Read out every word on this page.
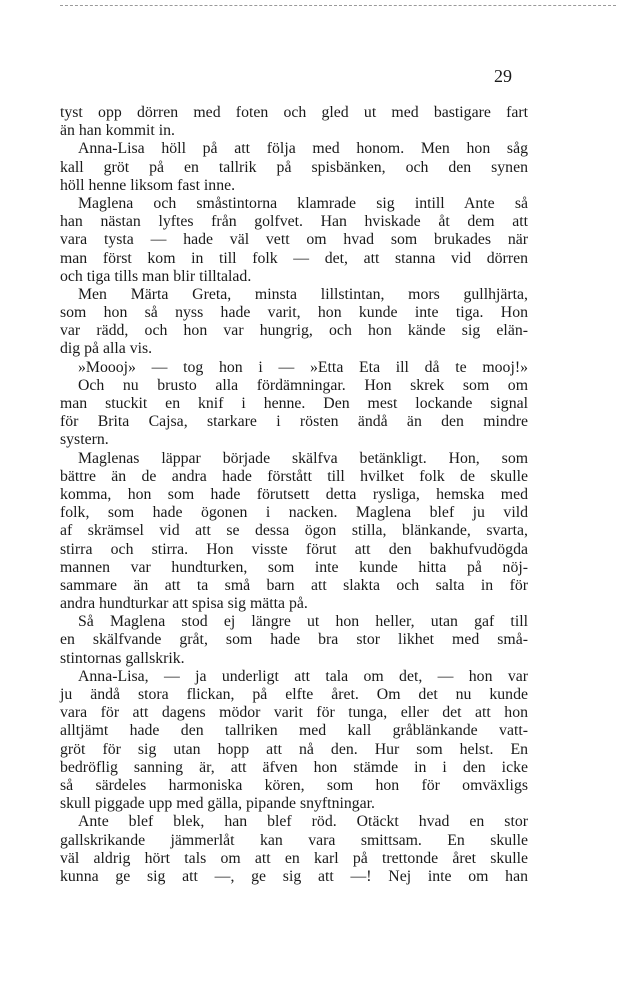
29
tyst opp dörren med foten och gled ut med bastigare fart
än han kommit in.
Anna-Lisa höll på att följa med honom. Men hon såg
kall gröt på en tallrik på spisbänken, och den synen
höll henne liksom fast inne.
Maglena och småstintorna klamrade sig intill Ante så
han nästan lyftes från golfvet. Han hviskade åt dem att
vara tysta — hade väl vett om hvad som brukades när
man först kom in till folk — det, att stanna vid dörren
och tiga tills man blir tilltalad.
Men Märta Greta, minsta lillstintan, mors gullhjärta,
som hon så nyss hade varit, hon kunde inte tiga. Hon
var rädd, och hon var hungrig, och hon kände sig elän-
dig på alla vis.
»Moooj» — tog hon i — »Etta Eta ill då te mooj!»
Och nu brusto alla fördämningar. Hon skrek som om
man stuckit en knif i henne. Den mest lockande signal
för Brita Cajsa, starkare i rösten ändå än den mindre
systern.
Maglenas läppar började skälfva betänkligt. Hon, som
bättre än de andra hade förstått till hvilket folk de skulle
komma, hon som hade förutsett detta rysliga, hemska med
folk, som hade ögonen i nacken. Maglena blef ju vild
af skrämsel vid att se dessa ögon stilla, blänkande, svarta,
stirra och stirra. Hon visste förut att den bakhufvudögda
mannen var hundturken, som inte kunde hitta på nöj-
sammare än att ta små barn att slakta och salta in för
andra hundturkar att spisa sig mätta på.
Så Maglena stod ej längre ut hon heller, utan gaf till
en skälfvande gråt, som hade bra stor likhet med små-
stintornas gallskrik.
Anna-Lisa, — ja underligt att tala om det, — hon var
ju ändå stora flickan, på elfte året. Om det nu kunde
vara för att dagens mödor varit för tunga, eller det att hon
alltjämt hade den tallriken med kall gråblänkande vatt-
gröt för sig utan hopp att nå den. Hur som helst. En
bedröflig sanning är, att äfven hon stämde in i den icke
så särdeles harmoniska kören, som hon för omväxligs
skull piggade upp med gälla, pipande snyftningar.
Ante blef blek, han blef röd. Otäckt hvad en stor
gallskrikande jämmerlåt kan vara smittsam. En skulle
väl aldrig hört tals om att en karl på trettonde året skulle
kunna ge sig att —, ge sig att —! Nej inte om han
